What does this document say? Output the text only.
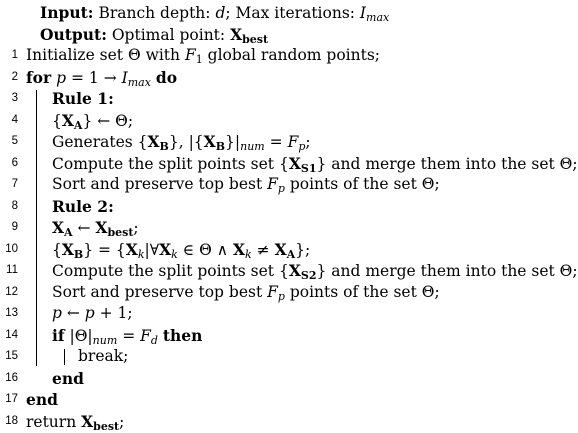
Input: Branch depth: d; Max iterations: $I_{max}$
Output: Optimal point: $X_{best}$
1 Initialize set Θ with $F_1$ global random points;
2 for $p = 1 \to I_{max}$ do
3 Rule 1:
4 $\{X_A\}$ ← Θ;
5 Generates $\{X_B\}$, $|\{X_B\}|_{num} = F_p$;
6 Compute the split points set $\{X_{S1}\}$ and merge them into the set Θ;
7 Sort and preserve top best $F_p$ points of the set Θ;
8 Rule 2:
9 $X_A$ ← $X_{best}$;
10 $\{X_B\}$ = {$X_k|\forall X_k$ ∈ Θ ∧ $X_k \ne X_A$};
11 Compute the split points set $\{X_{S2}\}$ and merge them into the set Θ;
12 Sort and preserve top best $F_p$ points of the set Θ;
13 p ← p + 1;
14 if $|\Theta|_{num} = F_d$ then
15	break;
16 end
17 end
18 return $X_{best}$;
